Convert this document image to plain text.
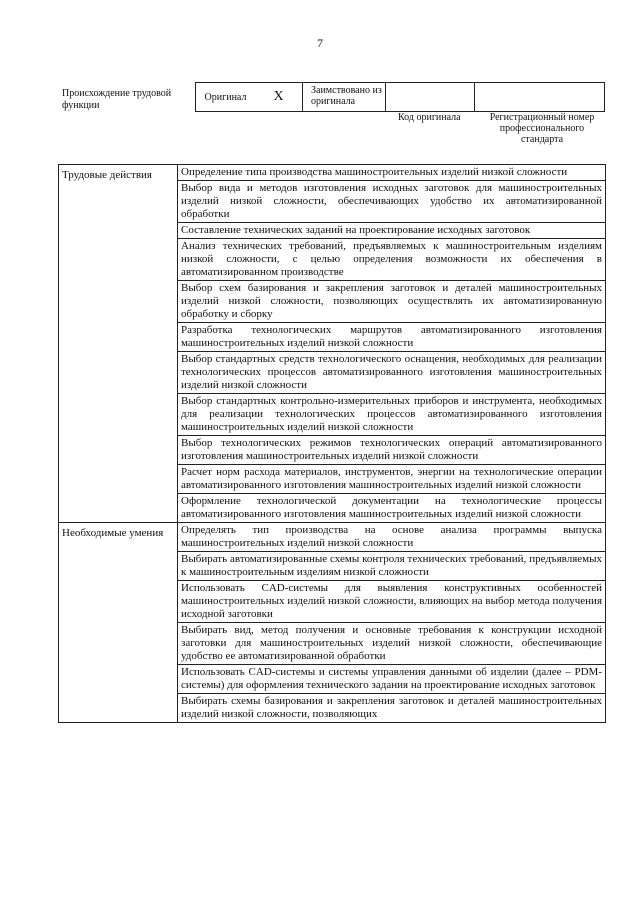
7
Происхождение трудовой функции
Оригинал	X	Заимствовано из оригинала
Код оригинала	Регистрационный номер профессионального стандарта
Трудовые действия	Определение типа производства машиностроительных изделий низкой сложности
	Выбор вида и методов изготовления исходных заготовок для машиностроительных изделий низкой сложности, обеспечивающих удобство их автоматизированной обработки
	Составление технических заданий на проектирование исходных заготовок
	Анализ технических требований, предъявляемых к машиностроительным изделиям низкой сложности, с целью определения возможности их обеспечения в автоматизированном производстве
	Выбор схем базирования и закрепления заготовок и деталей машиностроительных изделий низкой сложности, позволяющих осуществлять их автоматизированную обработку и сборку
	Разработка технологических маршрутов автоматизированного изготовления машиностроительных изделий низкой сложности
	Выбор стандартных средств технологического оснащения, необходимых для реализации технологических процессов автоматизированного изготовления машиностроительных изделий низкой сложности
	Выбор стандартных контрольно-измерительных приборов и инструмента, необходимых для реализации технологических процессов автоматизированного изготовления машиностроительных изделий низкой сложности
	Выбор технологических режимов технологических операций автоматизированного изготовления машиностроительных изделий низкой сложности
	Расчет норм расхода материалов, инструментов, энергии на технологические операции автоматизированного изготовления машиностроительных изделий низкой сложности
	Оформление технологической документации на технологические процессы автоматизированного изготовления машиностроительных изделий низкой сложности

Необходимые умения	Определять тип производства на основе анализа программы выпуска машиностроительных изделий низкой сложности
	Выбирать автоматизированные схемы контроля технических требований, предъявляемых к машиностроительным изделиям низкой сложности
	Использовать CAD-системы для выявления конструктивных особенностей машиностроительных изделий низкой сложности, влияющих на выбор метода получения исходной заготовки
	Выбирать вид, метод получения и основные требования к конструкции исходной заготовки для машиностроительных изделий низкой сложности, обеспечивающие удобство ее автоматизированной обработки
	Использовать CAD-системы и системы управления данными об изделии (далее – PDM-системы) для оформления технического задания на проектирование исходных заготовок
	Выбирать схемы базирования и закрепления заготовок и деталей машиностроительных изделий низкой сложности, позволяющих
